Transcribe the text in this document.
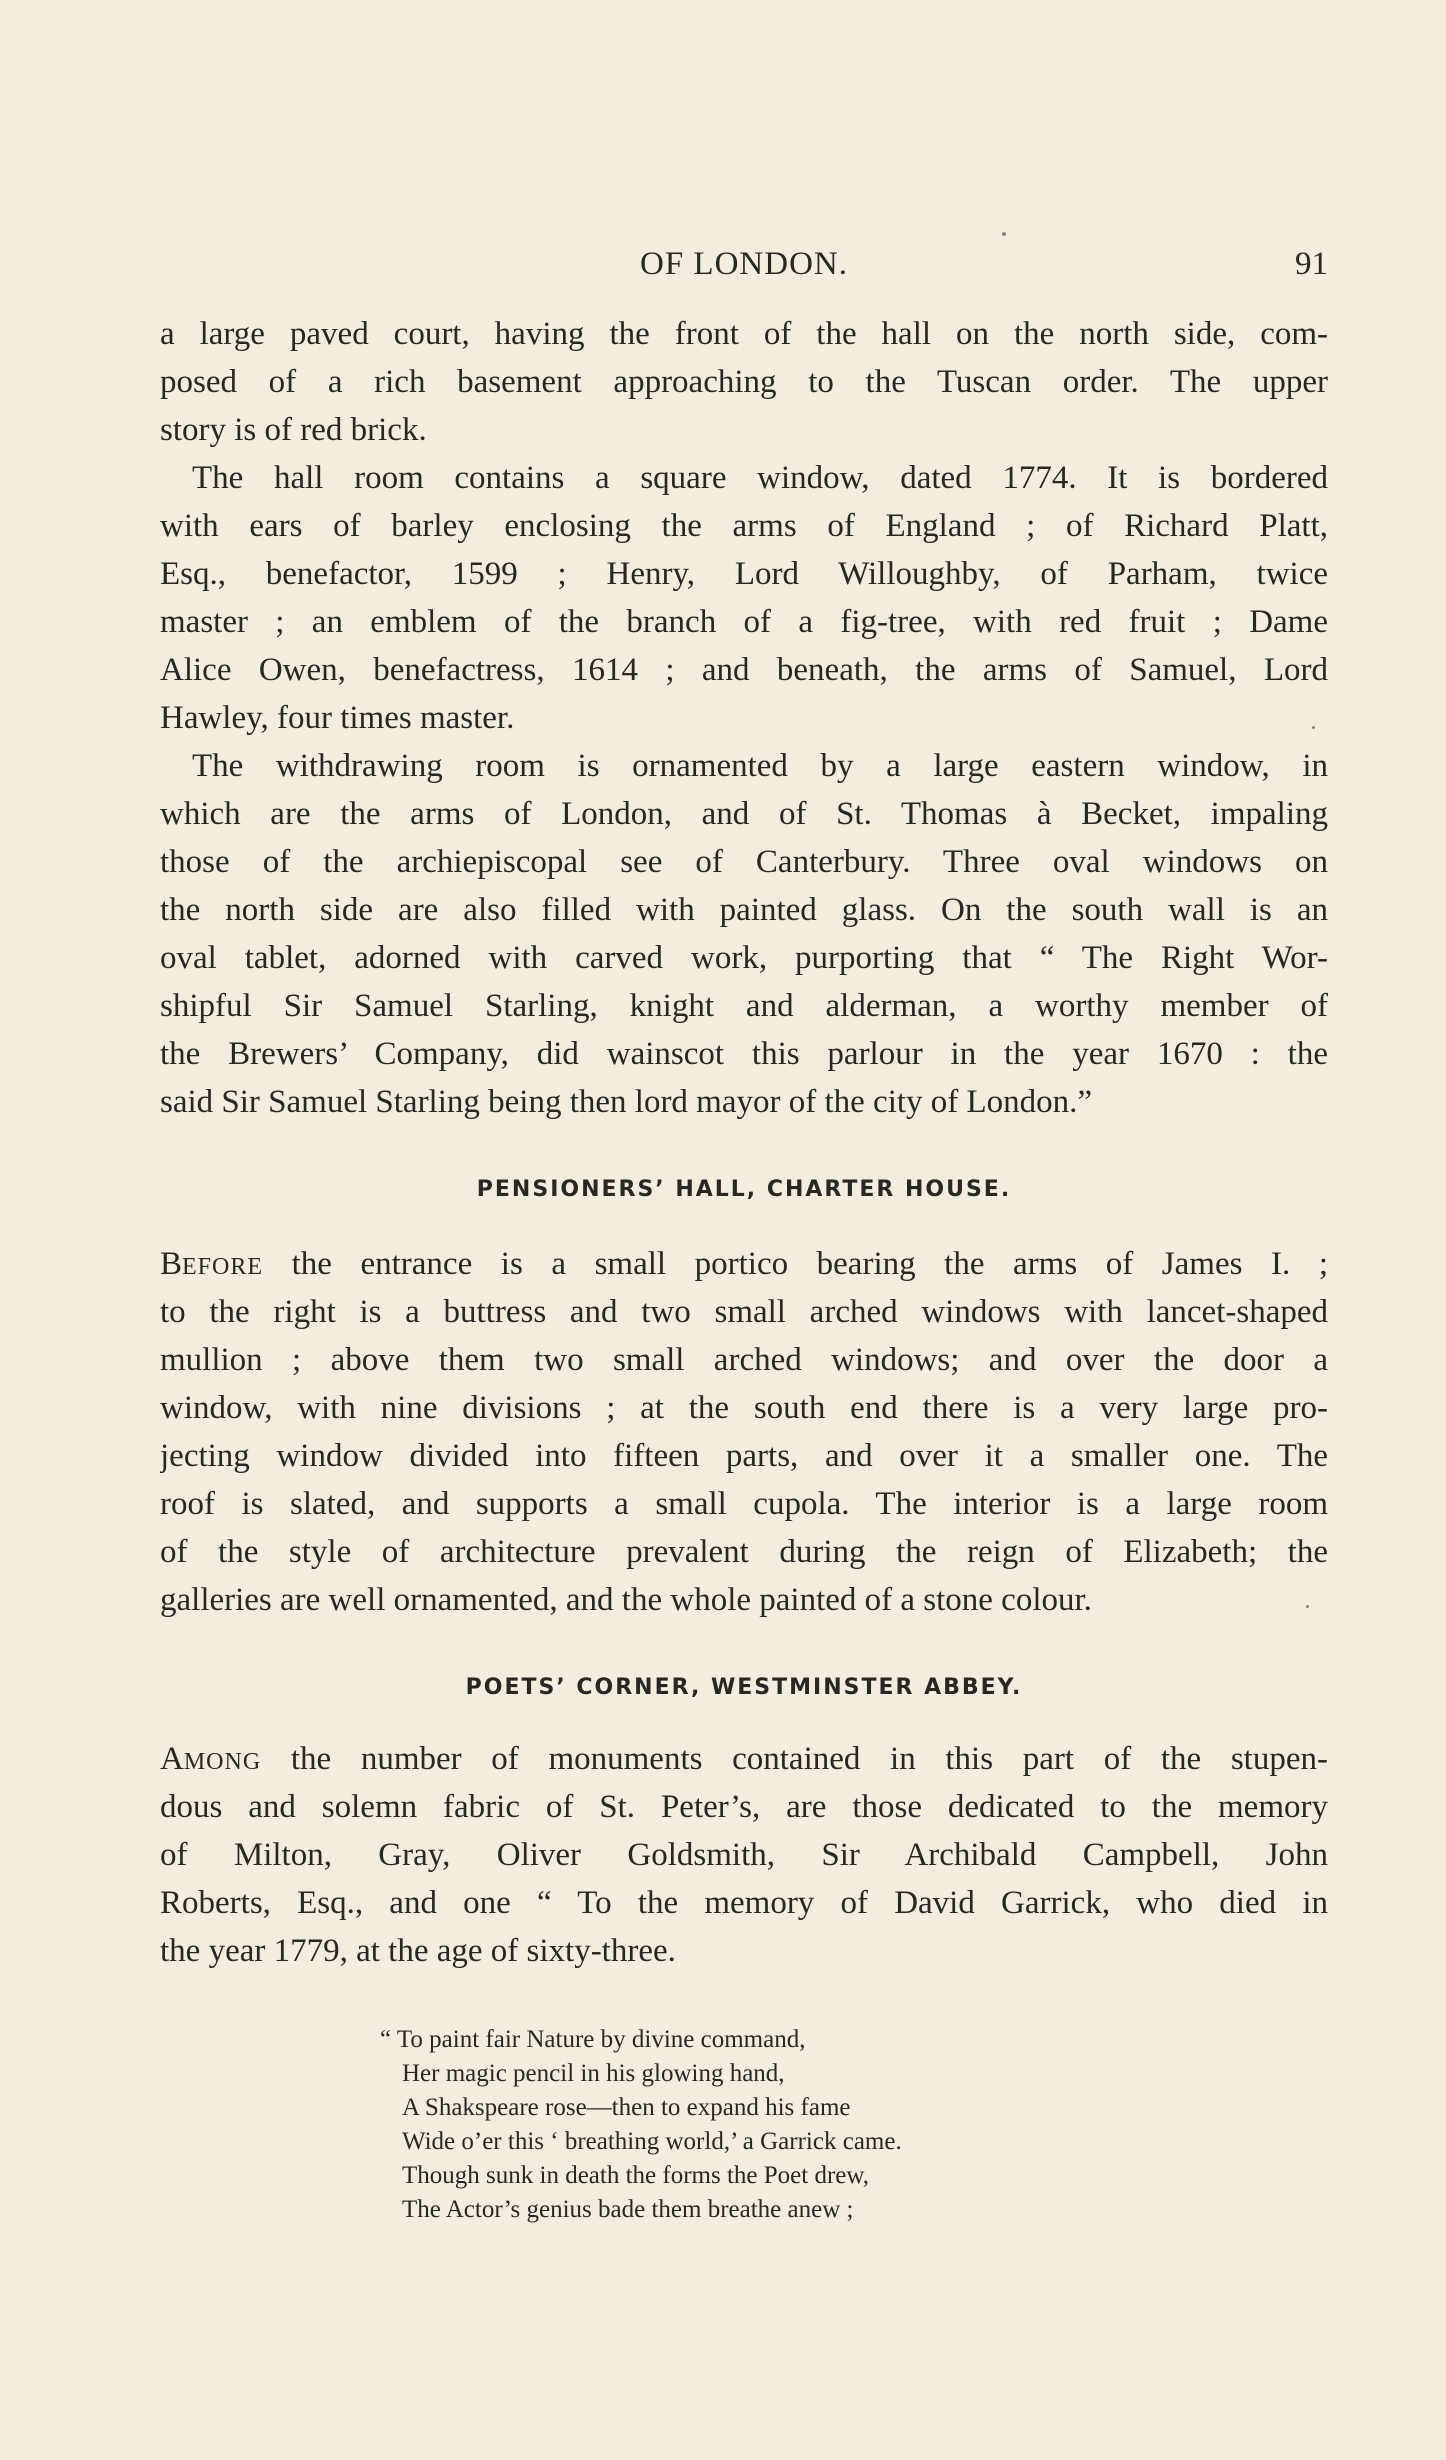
OF LONDON.	91
a large paved court, having the front of the hall on the north side, com-
posed of a rich basement approaching to the Tuscan order. The upper
story is of red brick.
The hall room contains a square window, dated 1774. It is bordered
with ears of barley enclosing the arms of England ; of Richard Platt,
Esq., benefactor, 1599 ; Henry, Lord Willoughby, of Parham, twice
master ; an emblem of the branch of a fig-tree, with red fruit ; Dame
Alice Owen, benefactress, 1614 ; and beneath, the arms of Samuel, Lord
Hawley, four times master.
The withdrawing room is ornamented by a large eastern window, in
which are the arms of London, and of St. Thomas à Becket, impaling
those of the archiepiscopal see of Canterbury. Three oval windows on
the north side are also filled with painted glass. On the south wall is an
oval tablet, adorned with carved work, purporting that “ The Right Wor-
shipful Sir Samuel Starling, knight and alderman, a worthy member of
the Brewers’ Company, did wainscot this parlour in the year 1670 : the
said Sir Samuel Starling being then lord mayor of the city of London.”
PENSIONERS’ HALL, CHARTER HOUSE.
BEFORE the entrance is a small portico bearing the arms of James I. ;
to the right is a buttress and two small arched windows with lancet-shaped
mullion ; above them two small arched windows; and over the door a
window, with nine divisions ; at the south end there is a very large pro-
jecting window divided into fifteen parts, and over it a smaller one. The
roof is slated, and supports a small cupola. The interior is a large room
of the style of architecture prevalent during the reign of Elizabeth; the
galleries are well ornamented, and the whole painted of a stone colour.
POETS’ CORNER, WESTMINSTER ABBEY.
AMONG the number of monuments contained in this part of the stupen-
dous and solemn fabric of St. Peter’s, are those dedicated to the memory
of Milton, Gray, Oliver Goldsmith, Sir Archibald Campbell, John
Roberts, Esq., and one “ To the memory of David Garrick, who died in
the year 1779, at the age of sixty-three.
“ To paint fair Nature by divine command,
Her magic pencil in his glowing hand,
A Shakspeare rose—then to expand his fame
Wide o’er this ‘ breathing world,’ a Garrick came.
Though sunk in death the forms the Poet drew,
The Actor’s genius bade them breathe anew ;
